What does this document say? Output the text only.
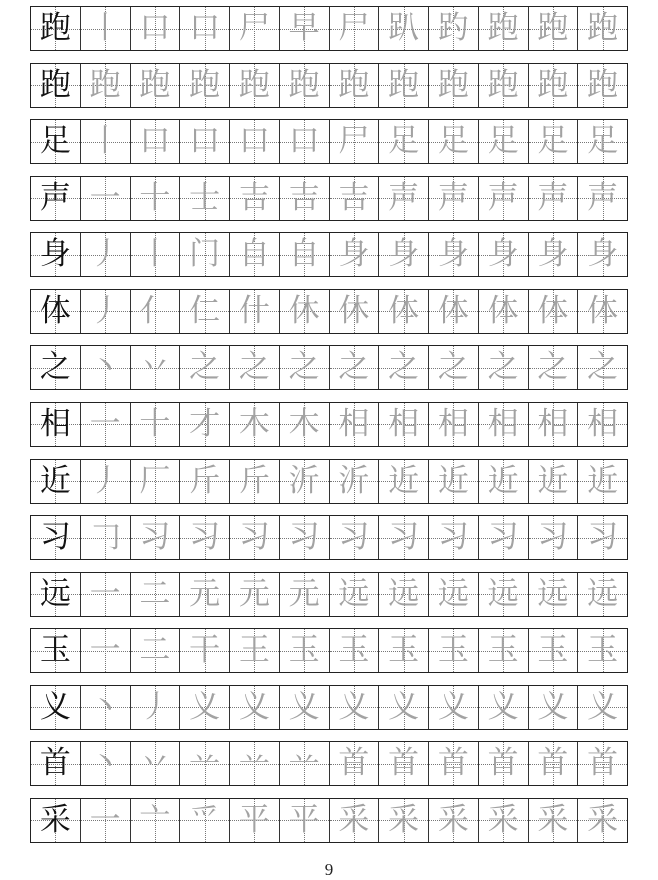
跑 丨 口 口 尸 早 尸 趴 趵 跑 跑 跑
跑 跑 跑 跑 跑 跑 跑 跑 跑 跑 跑 跑
足 丨 口 口 口 口 尸 足 足 足 足 足
声 一 十 士 吉 吉 吉 声 声 声 声 声
身 丿 丨 门 自 自 身 身 身 身 身 身
体 丿 亻 仁 什 休 休 体 体 体 体 体
之 丶 丷 之 之 之 之 之 之 之 之 之
相 一 十 才 木 木 相 相 相 相 相 相
近 丿 厂 斤 斤 沂 沂 近 近 近 近 近
习 𠃌 习 习 习 习 习 习 习 习 习 习
远 一 二 元 元 元 远 远 远 远 远 远
玉 一 二 干 王 玉 玉 玉 玉 玉 玉 玉
义 丶 丿 义 义 义 义 义 义 义 义 义
首 丶 丷 䒑 䒑 䒑 首 首 首 首 首 首
采 一 亠 爫 平 平 采 采 采 采 采 采
9
